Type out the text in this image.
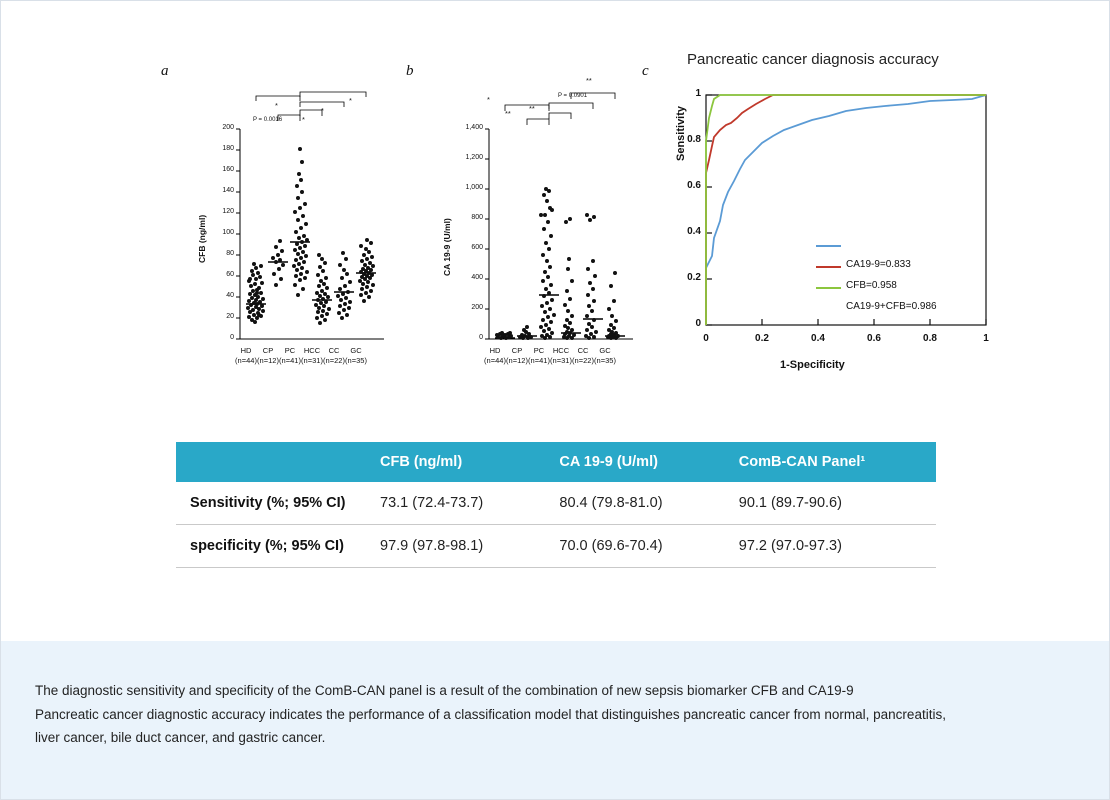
a
CFB (ng/ml)
*
P = 0.0016	*
*
*
0
20
40
60
80
100
120
140
160
180
200
HD
(n=44)
CP
(n=12)
PC
(n=41)
HCC
(n=31)
CC
(n=22)
GC
(n=35)
b
CA 19-9 (U/ml)
*
**
**
P = 0.0901
**
0
200
400
600
800
1,000
1,200
1,400
HD
(n=44)
CP
(n=12)
PC
(n=41)
HCC
(n=31)
CC
(n=22)
GC
(n=35)
c
Pancreatic cancer diagnosis accuracy
Sensitivity
1-Specificity
0
0.2
0.4
0.6
0.8
1
0	0.2	0.4	0.6	0.8	1
CA19-9=0.833
CFB=0.958
CA19-9+CFB=0.986
	CFB (ng/ml)	CA 19-9 (U/ml)	ComB-CAN Panel¹
Sensitivity (%; 95% CI)	73.1 (72.4-73.7)	80.4 (79.8-81.0)	90.1 (89.7-90.6)
specificity (%; 95% CI)	97.9 (97.8-98.1)	70.0 (69.6-70.4)	97.2 (97.0-97.3)
The diagnostic sensitivity and specificity of the ComB-CAN panel is a result of the combination of new sepsis biomarker CFB and CA19-9
Pancreatic cancer diagnostic accuracy indicates the performance of a classification model that distinguishes pancreatic cancer from normal, pancreatitis,
liver cancer, bile duct cancer, and gastric cancer.
